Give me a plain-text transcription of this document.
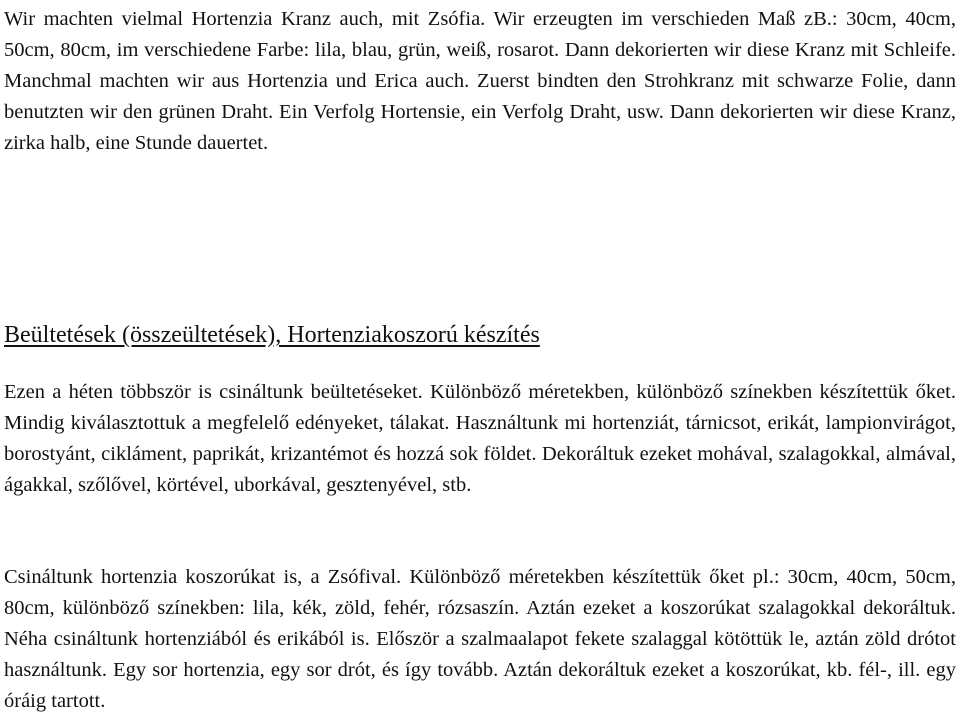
Wir machten vielmal Hortenzia Kranz auch, mit Zsófia. Wir erzeugten im verschieden Maß zB.: 30cm, 40cm, 50cm, 80cm, im verschiedene Farbe: lila, blau, grün, weiß, rosarot. Dann dekorierten wir diese Kranz mit Schleife. Manchmal machten wir aus Hortenzia und Erica auch. Zuerst bindten den Strohkranz mit schwarze Folie, dann benutzten wir den grünen Draht. Ein Verfolg Hortensie, ein Verfolg Draht, usw. Dann dekorierten wir diese Kranz, zirka halb, eine Stunde dauertet.

Beültetések (összeültetések), Hortenziakoszorú készítés

Ezen a héten többször is csináltunk beültetéseket. Különböző méretekben, különböző színekben készítettük őket. Mindig kiválasztottuk a megfelelő edényeket, tálakat. Használtunk mi hortenziát, tárnicsot, erikát, lampionvirágot, borostyánt, cikláment, paprikát, krizantémot és hozzá sok földet. Dekoráltuk ezeket mohával, szalagokkal, almával, ágakkal, szőlővel, körtével, uborkával, gesztenyével, stb.

Csináltunk hortenzia koszorúkat is, a Zsófival. Különböző méretekben készítettük őket pl.: 30cm, 40cm, 50cm, 80cm, különböző színekben: lila, kék, zöld, fehér, rózsaszín. Aztán ezeket a koszorúkat szalagokkal dekoráltuk. Néha csináltunk hortenziából és erikából is. Először a szalmaalapot fekete szalaggal kötöttük le, aztán zöld drótot használtunk. Egy sor hortenzia, egy sor drót, és így tovább. Aztán dekoráltuk ezeket a koszorúkat, kb. fél-, ill. egy óráig tartott.
